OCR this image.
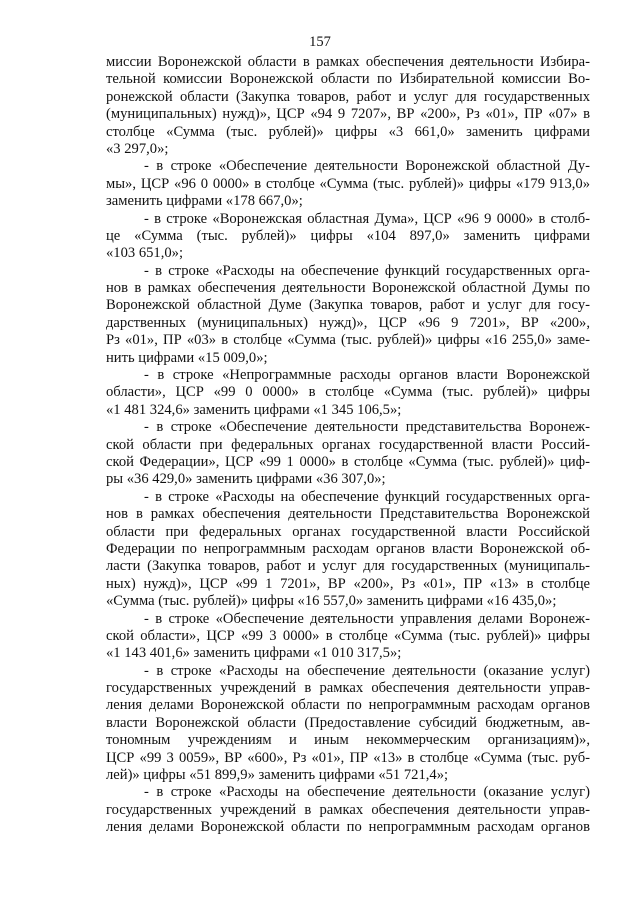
157
миссии Воронежской области в рамках обеспечения деятельности Избира-
тельной комиссии Воронежской области по Избирательной комиссии Во-
ронежской области (Закупка товаров, работ и услуг для государственных
(муниципальных) нужд)», ЦСР «94 9 7207», ВР «200», Рз «01», ПР «07» в
столбце «Сумма (тыс. рублей)» цифры «3 661,0» заменить цифрами
«3 297,0»;
- в строке «Обеспечение деятельности Воронежской областной Ду-
мы», ЦСР «96 0 0000» в столбце «Сумма (тыс. рублей)» цифры «179 913,0»
заменить цифрами «178 667,0»;
- в строке «Воронежская областная Дума», ЦСР «96 9 0000» в столб-
це «Сумма (тыс. рублей)» цифры «104 897,0» заменить цифрами
«103 651,0»;
- в строке «Расходы на обеспечение функций государственных орга-
нов в рамках обеспечения деятельности Воронежской областной Думы по
Воронежской областной Думе (Закупка товаров, работ и услуг для госу-
дарственных (муниципальных) нужд)», ЦСР «96 9 7201», ВР «200»,
Рз «01», ПР «03» в столбце «Сумма (тыс. рублей)» цифры «16 255,0» заме-
нить цифрами «15 009,0»;
- в строке «Непрограммные расходы органов власти Воронежской
области», ЦСР «99 0 0000» в столбце «Сумма (тыс. рублей)» цифры
«1 481 324,6» заменить цифрами «1 345 106,5»;
- в строке «Обеспечение деятельности представительства Воронеж-
ской области при федеральных органах государственной власти Россий-
ской Федерации», ЦСР «99 1 0000» в столбце «Сумма (тыс. рублей)» циф-
ры «36 429,0» заменить цифрами «36 307,0»;
- в строке «Расходы на обеспечение функций государственных орга-
нов в рамках обеспечения деятельности Представительства Воронежской
области при федеральных органах государственной власти Российской
Федерации по непрограммным расходам органов власти Воронежской об-
ласти (Закупка товаров, работ и услуг для государственных (муниципаль-
ных) нужд)», ЦСР «99 1 7201», ВР «200», Рз «01», ПР «13» в столбце
«Сумма (тыс. рублей)» цифры «16 557,0» заменить цифрами «16 435,0»;
- в строке «Обеспечение деятельности управления делами Воронеж-
ской области», ЦСР «99 3 0000» в столбце «Сумма (тыс. рублей)» цифры
«1 143 401,6» заменить цифрами «1 010 317,5»;
- в строке «Расходы на обеспечение деятельности (оказание услуг)
государственных учреждений в рамках обеспечения деятельности управ-
ления делами Воронежской области по непрограммным расходам органов
власти Воронежской области (Предоставление субсидий бюджетным, ав-
тономным учреждениям и иным некоммерческим организациям)»,
ЦСР «99 3 0059», ВР «600», Рз «01», ПР «13» в столбце «Сумма (тыс. руб-
лей)» цифры «51 899,9» заменить цифрами «51 721,4»;
- в строке «Расходы на обеспечение деятельности (оказание услуг)
государственных учреждений в рамках обеспечения деятельности управ-
ления делами Воронежской области по непрограммным расходам органов
